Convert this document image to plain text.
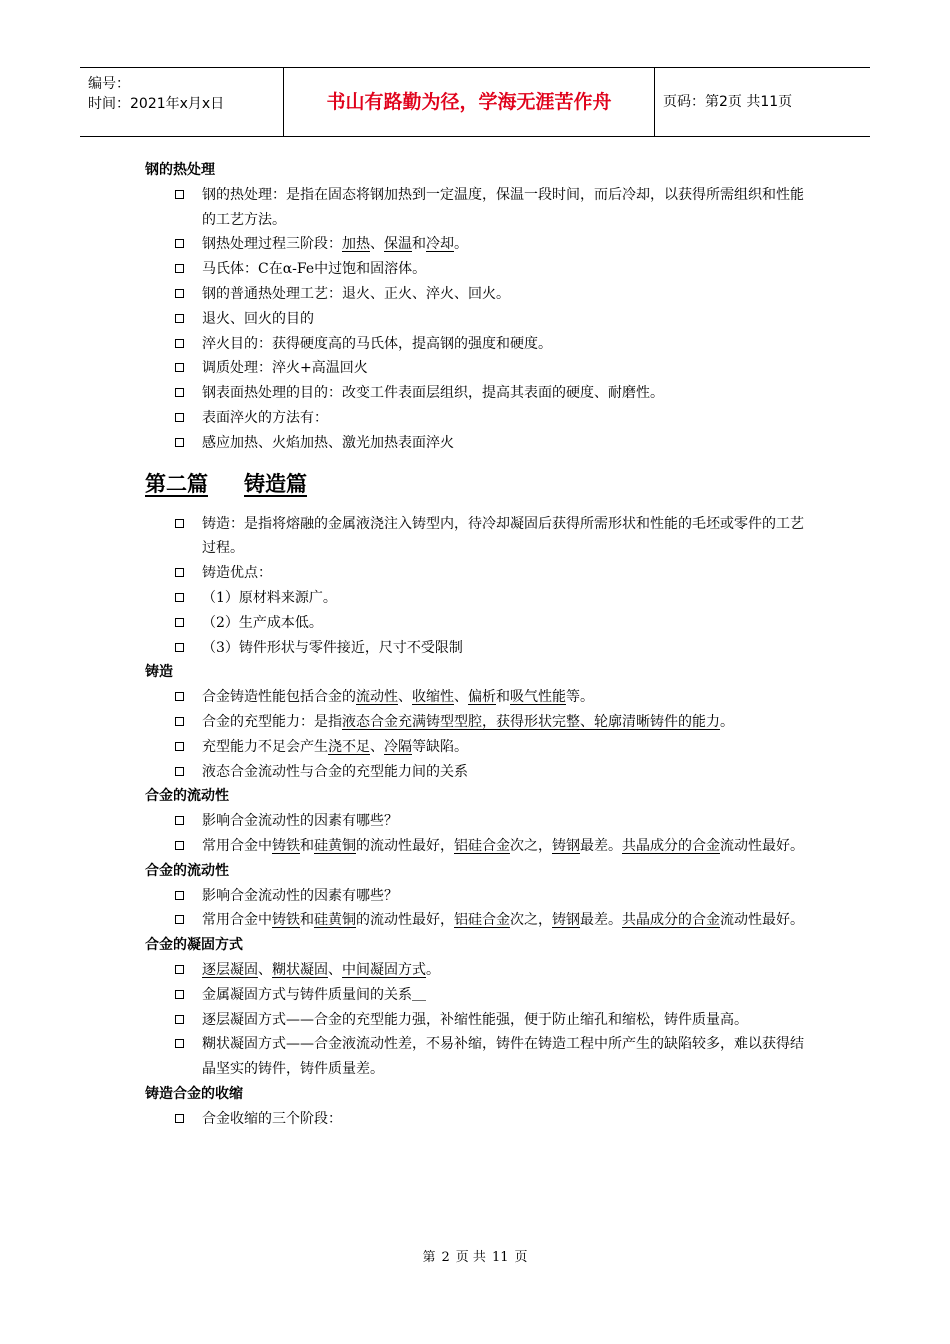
编号：
时间：2021年x月x日	书山有路勤为径，学海无涯苦作舟	页码：第2页 共11页

钢的热处理

钢的热处理：是指在固态将钢加热到一定温度，保温一段时间，而后冷却，以获得所需组织和性能的工艺方法。
钢热处理过程三阶段：加热、保温和冷却。
马氏体：C在α-Fe中过饱和固溶体。
钢的普通热处理工艺：退火、正火、淬火、回火。
退火、回火的目的
淬火目的：获得硬度高的马氏体，提高钢的强度和硬度。
调质处理：淬火+高温回火
钢表面热处理的目的：改变工件表面层组织，提高其表面的硬度、耐磨性。
表面淬火的方法有：
感应加热、火焰加热、激光加热表面淬火

第二篇 铸造篇

铸造：是指将熔融的金属液浇注入铸型内，待冷却凝固后获得所需形状和性能的毛坯或零件的工艺过程。
铸造优点：
（1）原材料来源广。
（2）生产成本低。
（3）铸件形状与零件接近，尺寸不受限制

铸造

合金铸造性能包括合金的流动性、收缩性、偏析和吸气性能等。
合金的充型能力：是指液态合金充满铸型型腔，获得形状完整、轮廓清晰铸件的能力。
充型能力不足会产生浇不足、冷隔等缺陷。
液态合金流动性与合金的充型能力间的关系

合金的流动性

影响合金流动性的因素有哪些？
常用合金中铸铁和硅黄铜的流动性最好，铝硅合金次之，铸钢最差。共晶成分的合金流动性最好。

合金的流动性

影响合金流动性的因素有哪些？
常用合金中铸铁和硅黄铜的流动性最好，铝硅合金次之，铸钢最差。共晶成分的合金流动性最好。

合金的凝固方式

逐层凝固、糊状凝固、中间凝固方式。
金属凝固方式与铸件质量间的关系＿
逐层凝固方式——合金的充型能力强，补缩性能强，便于防止缩孔和缩松，铸件质量高。
糊状凝固方式——合金液流动性差，不易补缩，铸件在铸造工程中所产生的缺陷较多，难以获得结晶坚实的铸件，铸件质量差。

铸造合金的收缩

合金收缩的三个阶段：
第 2 页 共 11 页
